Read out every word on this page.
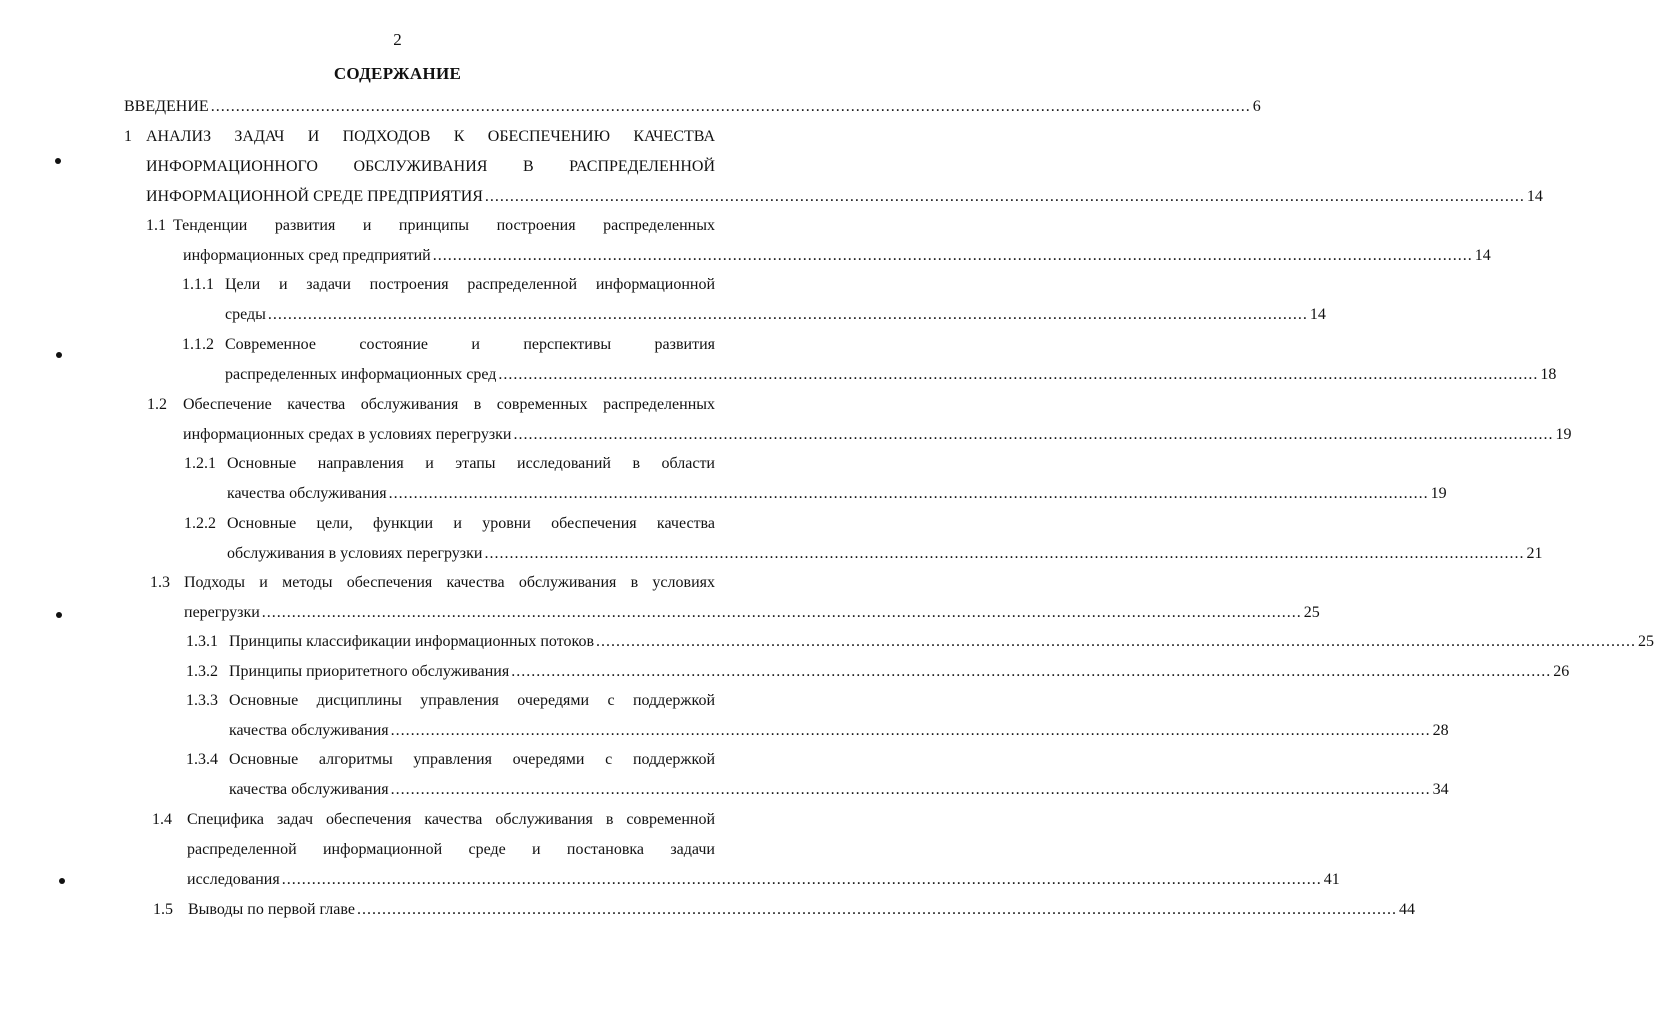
2
СОДЕРЖАНИЕ
ВВЕДЕНИЕ ................................................................................................................................................................................................................ 6
1 АНАЛИЗ ЗАДАЧ И ПОДХОДОВ К ОБЕСПЕЧЕНИЮ КАЧЕСТВА
ИНФОРМАЦИОННОГО ОБСЛУЖИВАНИЯ В РАСПРЕДЕЛЕННОЙ
ИНФОРМАЦИОННОЙ СРЕДЕ ПРЕДПРИЯТИЯ ................................................................................................................................................................................................................ 14
1.1 Тенденции развития и принципы построения распределенных
информационных сред предприятий ................................................................................................................................................................................................................ 14
1.1.1 Цели и задачи построения распределенной информационной
среды ................................................................................................................................................................................................................ 14
1.1.2 Современное состояние и перспективы развития
распределенных информационных сред ................................................................................................................................................................................................................ 18
1.2 Обеспечение качества обслуживания в современных распределенных
информационных средах в условиях перегрузки ................................................................................................................................................................................................................ 19
1.2.1 Основные направления и этапы исследований в области
качества обслуживания ................................................................................................................................................................................................................ 19
1.2.2 Основные цели, функции и уровни обеспечения качества
обслуживания в условиях перегрузки ................................................................................................................................................................................................................ 21
1.3 Подходы и методы обеспечения качества обслуживания в условиях
перегрузки ................................................................................................................................................................................................................ 25
1.3.1 Принципы классификации информационных потоков ................................................................................................................................................................................................................ 25
1.3.2 Принципы приоритетного обслуживания ................................................................................................................................................................................................................ 26
1.3.3 Основные дисциплины управления очередями с поддержкой
качества обслуживания ................................................................................................................................................................................................................ 28
1.3.4 Основные алгоритмы управления очередями с поддержкой
качества обслуживания ................................................................................................................................................................................................................ 34
1.4 Специфика задач обеспечения качества обслуживания в современной
распределенной информационной среде и постановка задачи
исследования ................................................................................................................................................................................................................ 41
1.5 Выводы по первой главе ................................................................................................................................................................................................................ 44
